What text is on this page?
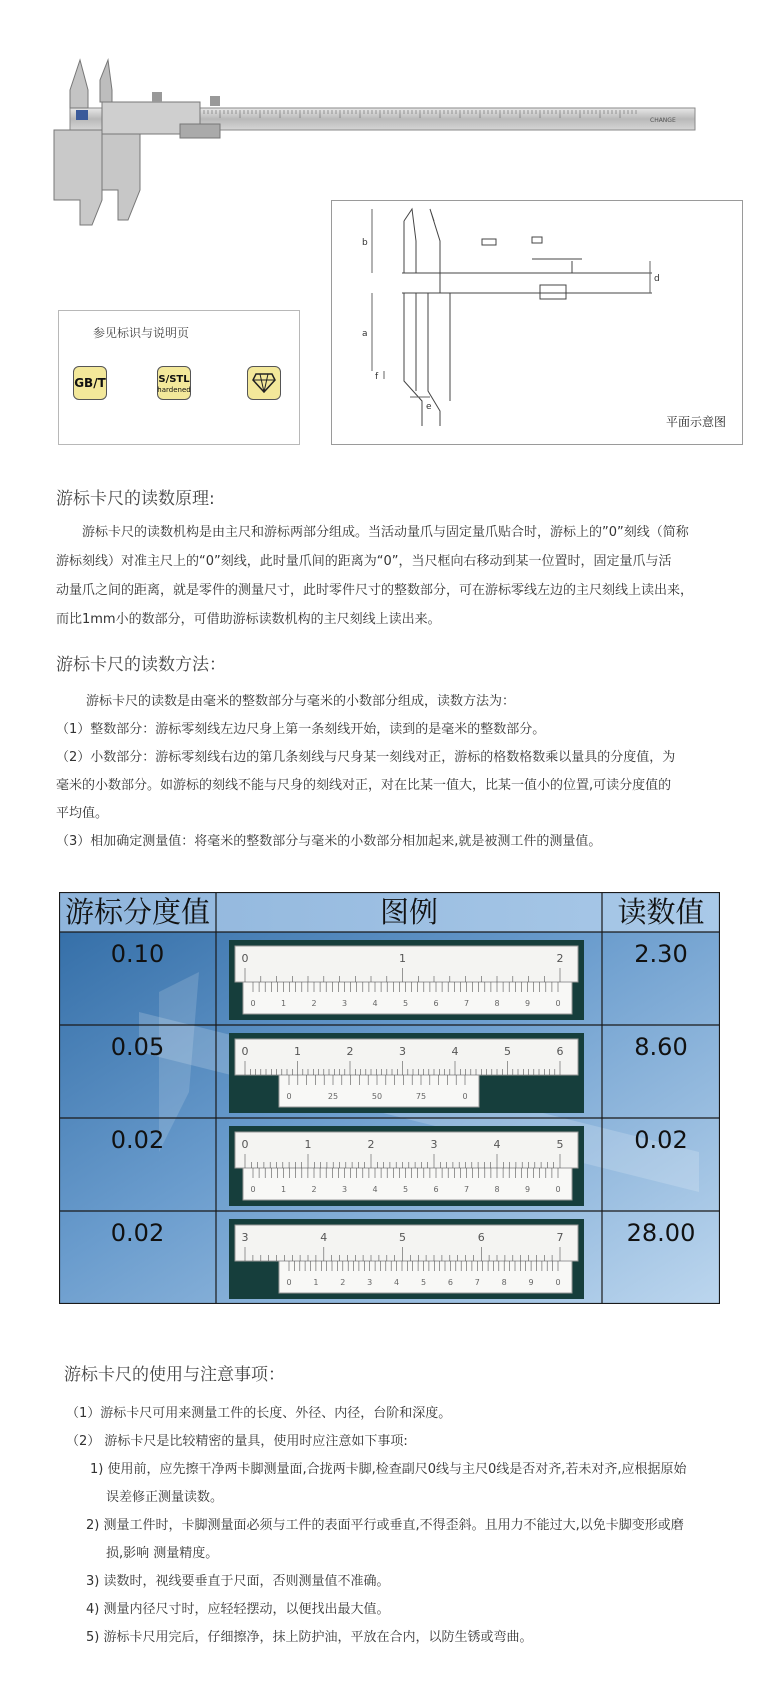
CHANGE
参见标识与说明页
GB/T	S/STL
hardened
b
a
d
f
e
平面示意图
游标卡尺的读数原理:
游标卡尺的读数机构是由主尺和游标两部分组成。当活动量爪与固定量爪贴合时，游标上的”0”刻线（简称
游标刻线）对准主尺上的“0”刻线，此时量爪间的距离为“0”，当尺框向右移动到某一位置时，固定量爪与活
动量爪之间的距离，就是零件的测量尺寸，此时零件尺寸的整数部分，可在游标零线左边的主尺刻线上读出来，
而比1mm小的数部分，可借助游标读数机构的主尺刻线上读出来。
游标卡尺的读数方法：
游标卡尺的读数是由毫米的整数部分与毫米的小数部分组成，读数方法为：
（1）整数部分：游标零刻线左边尺身上第一条刻线开始，读到的是毫米的整数部分。
（2）小数部分：游标零刻线右边的第几条刻线与尺身某一刻线对正，游标的格数格数乘以量具的分度值，为
毫米的小数部分。如游标的刻线不能与尺身的刻线对正，对在比某一值大，比某一值小的位置,可读分度值的
平均值。
（3）相加确定测量值：将毫米的整数部分与毫米的小数部分相加起来,就是被测工件的测量值。
游标分度值	图例	读数值
0.10	2.30
0.05	8.60
0.02	0.02
0.02	28.00
0	1	2
0	1	2	3	4	5	6	7	8	9	0
0	1	2	3	4	5	6
0	25	50	75	0
0	1	2	3	4	5
0	1	2	3	4	5	6	7	8	9	0
3	4	5	6	7
0	1	2	3	4	5	6	7	8	9	0
游标卡尺的使用与注意事项：
（1）游标卡尺可用来测量工件的长度、外径、内径，台阶和深度。
（2） 游标卡尺是比较精密的量具，使用时应注意如下事项:
1) 使用前，应先擦干净两卡脚测量面,合拢两卡脚,检查副尺0线与主尺0线是否对齐,若未对齐,应根据原始
误差修正测量读数。
2) 测量工件时，卡脚测量面必须与工件的表面平行或垂直,不得歪斜。且用力不能过大,以免卡脚变形或磨
损,影响 测量精度。
3) 读数时，视线要垂直于尺面，否则测量值不准确。
4) 测量内径尺寸时，应轻轻摆动，以便找出最大值。
5) 游标卡尺用完后，仔细擦净，抹上防护油，平放在合内，以防生锈或弯曲。
